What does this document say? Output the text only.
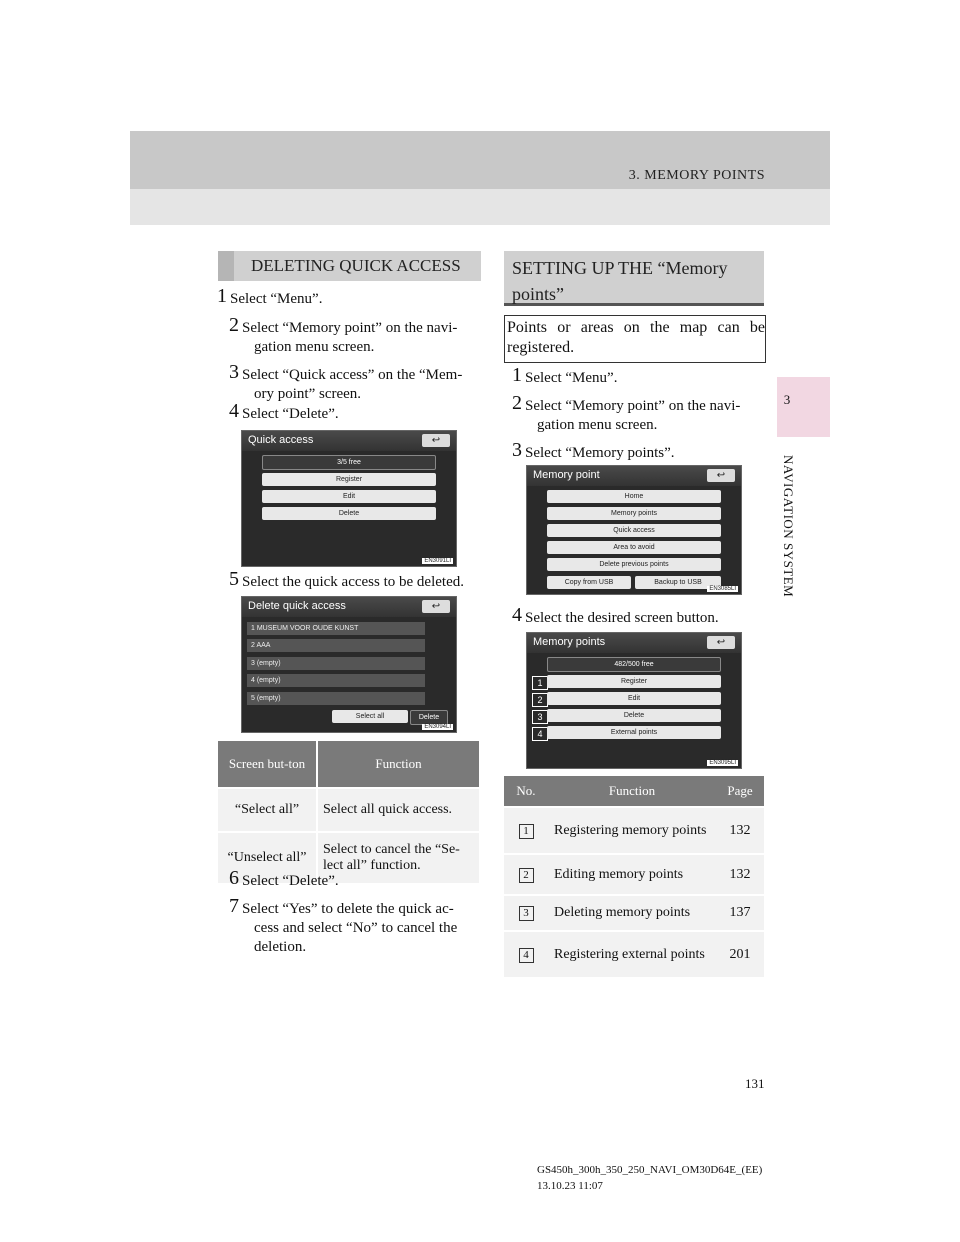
3. MEMORY POINTS
3
NAVIGATION SYSTEM
DELETING QUICK ACCESS
1 Select “Menu”.
2 Select “Memory point” on the navi-
gation menu screen.
3 Select “Quick access” on the “Mem-
ory point” screen.
4 Select “Delete”.
Quick access	↩
3/5 free
Register
Edit
Delete
EN3091LI
5 Select the quick access to be deleted.
Delete quick access	↩
1 MUSEUM VOOR OUDE KUNST
2 AAA
3 (empty)
4 (empty)
5 (empty)
Select all	Delete
EN3094LI
Screen but-ton	Function
“Select all”	Select all quick access.
“Unselect all”	Select to cancel the “Se-lect all” function.
6 Select “Delete”.
7 Select “Yes” to delete the quick ac-
cess and select “No” to cancel the deletion.
SETTING UP THE “Memory points”
Points or areas on the map can be registered.
1 Select “Menu”.
2 Select “Memory point” on the navi-
gation menu screen.
3 Select “Memory points”.
Memory point	↩
Home
Memory points
Quick access
Area to avoid
Delete previous points
Copy from USB	Backup to USB
EN3085LI
4 Select the desired screen button.
Memory points	↩
482/500 free
1	Register
2	Edit
3	Delete
4	External points
EN3095LI
No.	Function	Page
1	Registering memory points	132
2	Editing memory points	132
3	Deleting memory points	137
4	Registering external points	201
131
GS450h_300h_350_250_NAVI_OM30D64E_(EE)
13.10.23 11:07
